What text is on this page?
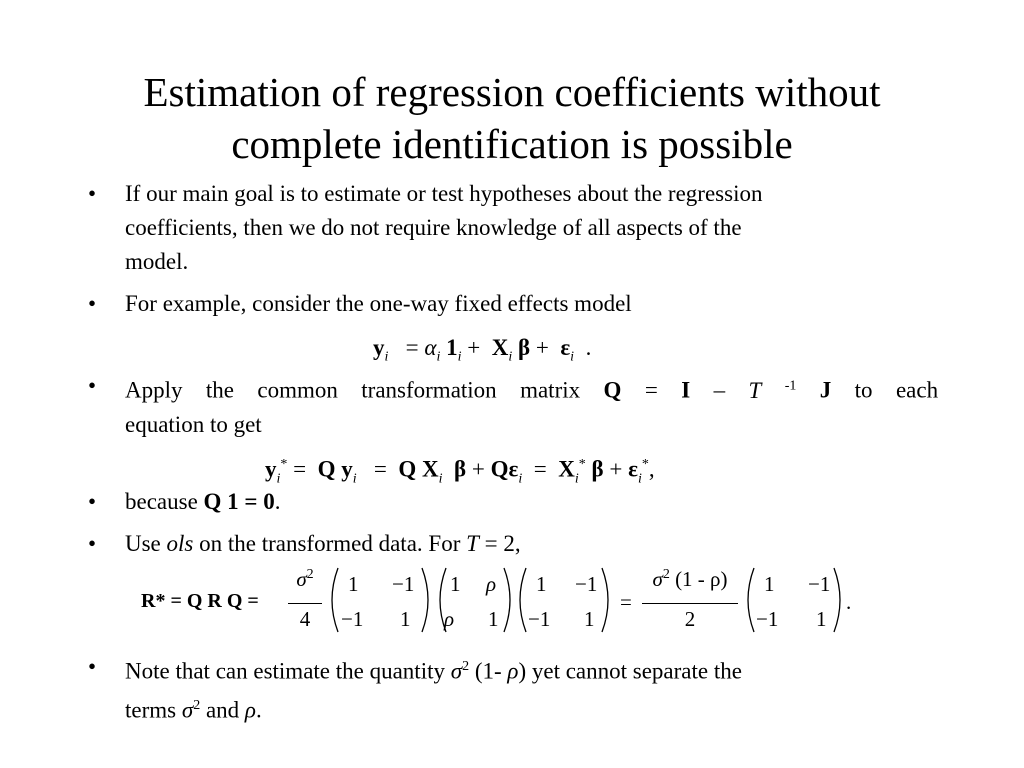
Estimation of regression coefficients without
complete identification is possible
• If our main goal is to estimate or test hypotheses about the regression
coefficients, then we do not require knowledge of all aspects of the
model.
• For example, consider the one-way fixed effects model
$y_i = \alpha_i$ $1_i + X_i$ $\beta + \varepsilon_i$ .
• Apply the common transformation matrix Q = I – T $^{-1}$ J to each
equation to get
$y_i^* = Q$ $y_i = Q$ $X_i$ $\beta + Q\varepsilon_i = X_i^*$ $\beta + \varepsilon_i^*$,
• because Q 1 = 0.
• Use ols on the transformed data. For T = 2,
R* = Q R Q =
$\sigma^2$
4
1 −1
−1 1
1 ρ
ρ 1
1 −1
−1 1
=
$\sigma^2$ (1 - ρ)
2
1 −1
−1 1
.
• Note that can estimate the quantity $\sigma^2$ (1- ρ) yet cannot separate the
terms $\sigma^2$ and ρ.
